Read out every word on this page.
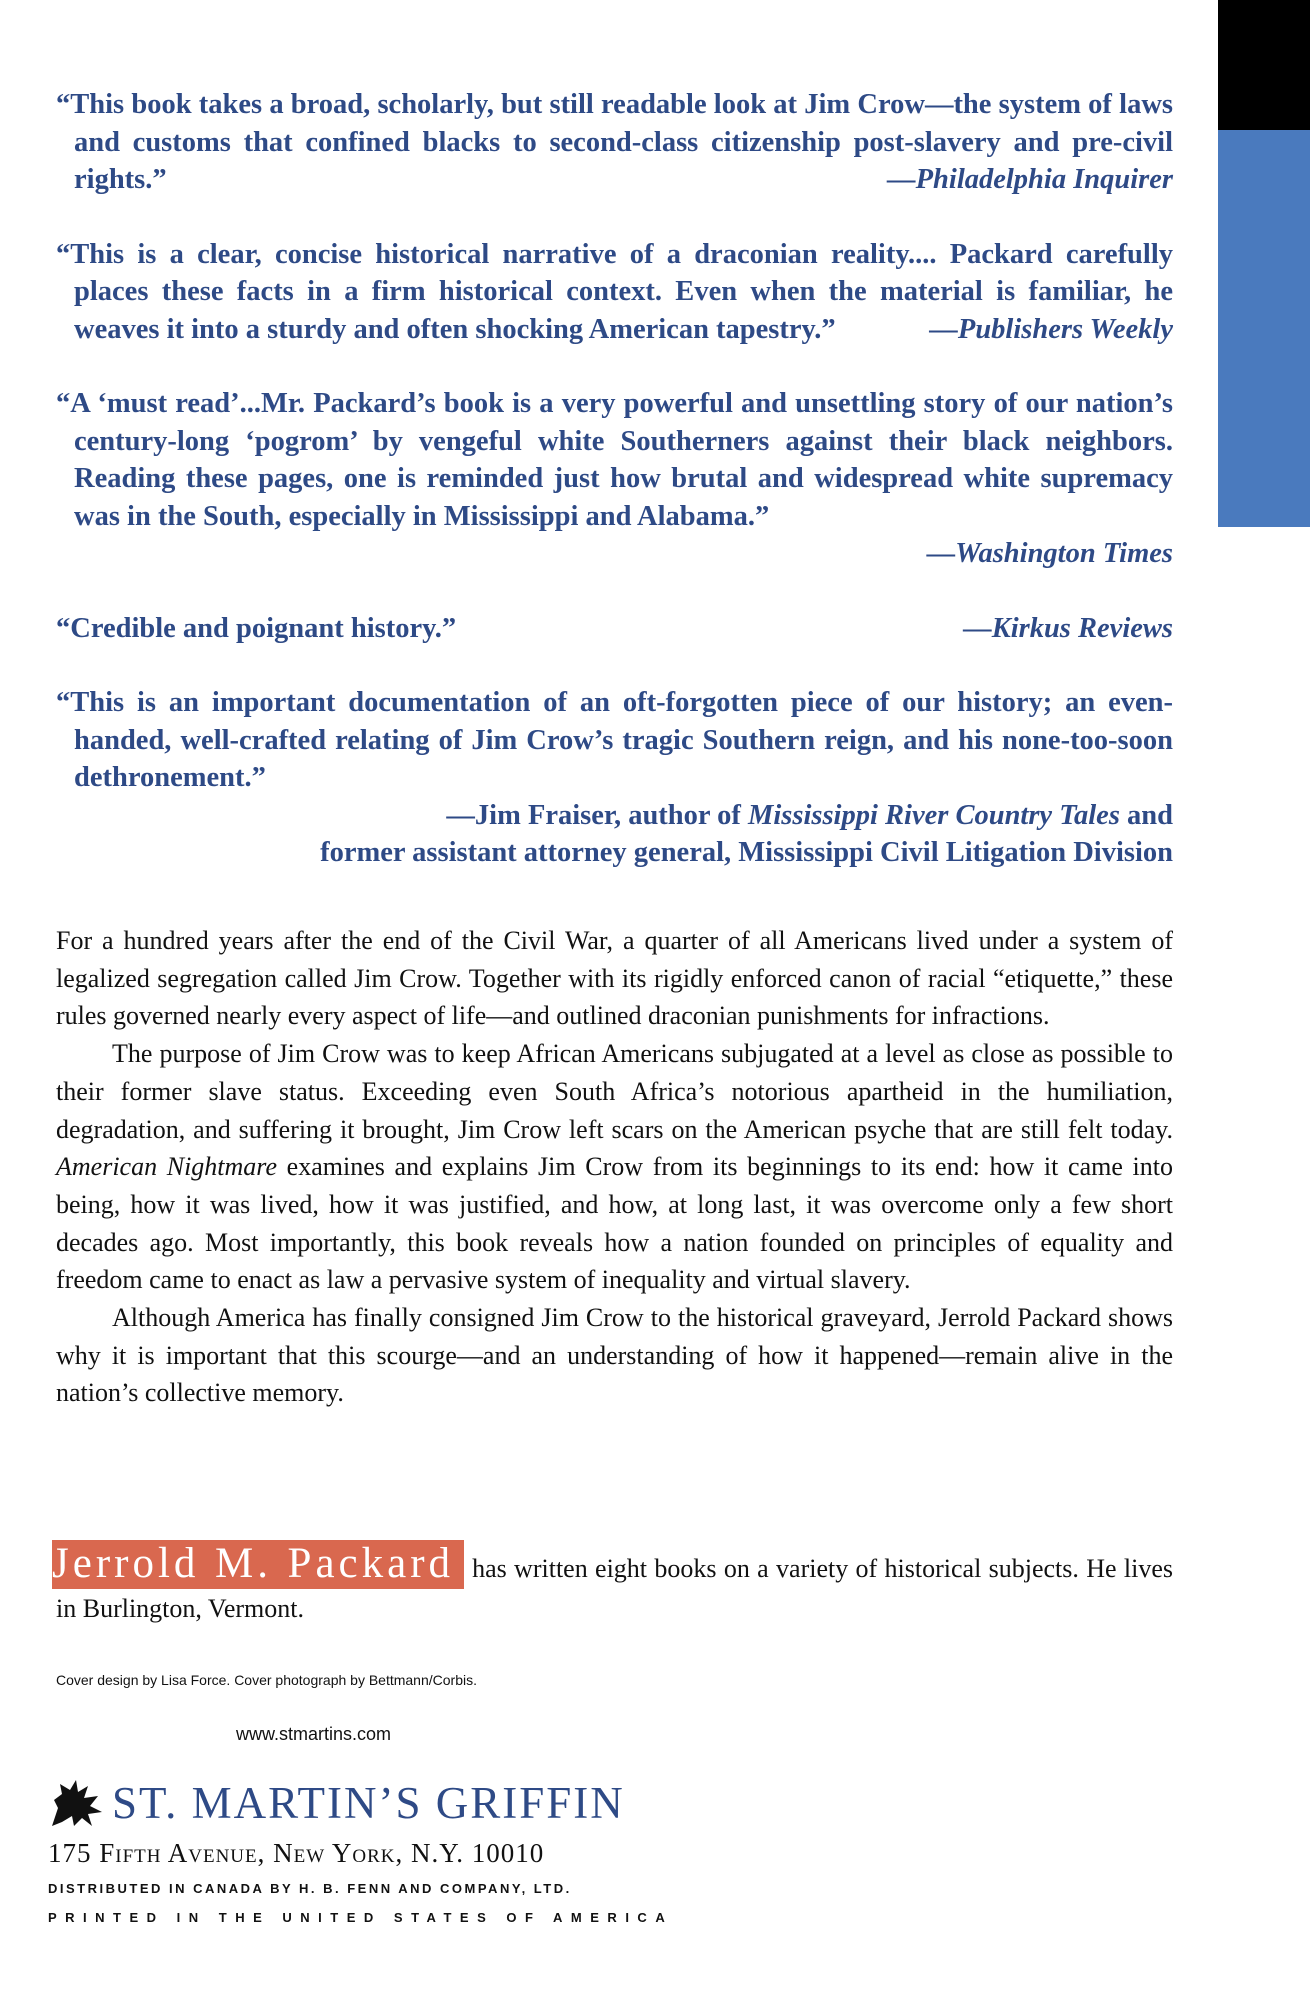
“This book takes a broad, scholarly, but still readable look at Jim Crow—the system of laws and customs that confined blacks to second-class citizenship post-slavery and pre-civil rights.”	—Philadelphia Inquirer
“This is a clear, concise historical narrative of a draconian reality.... Packard carefully places these facts in a firm historical context. Even when the material is familiar, he weaves it into a sturdy and often shocking American tapestry.”	—Publishers Weekly
“A ‘must read’...Mr. Packard’s book is a very powerful and unsettling story of our nation’s century-long ‘pogrom’ by vengeful white Southerners against their black neighbors. Reading these pages, one is reminded just how brutal and widespread white supremacy was in the South, especially in Mississippi and Alabama.”
—Washington Times
“Credible and poignant history.”	—Kirkus Reviews
“This is an important documentation of an oft-forgotten piece of our history; an even-handed, well-crafted relating of Jim Crow’s tragic Southern reign, and his none-too-soon dethronement.”
—Jim Fraiser, author of Mississippi River Country Tales and
former assistant attorney general, Mississippi Civil Litigation Division

For a hundred years after the end of the Civil War, a quarter of all Americans lived under a system of legalized segregation called Jim Crow. Together with its rigidly enforced canon of racial “etiquette,” these rules governed nearly every aspect of life—and outlined draconian punishments for infractions.

The purpose of Jim Crow was to keep African Americans subjugated at a level as close as possible to their former slave status. Exceeding even South Africa’s notorious apartheid in the humiliation, degradation, and suffering it brought, Jim Crow left scars on the American psyche that are still felt today. American Nightmare examines and explains Jim Crow from its beginnings to its end: how it came into being, how it was lived, how it was justified, and how, at long last, it was overcome only a few short decades ago. Most importantly, this book reveals how a nation founded on principles of equality and freedom came to enact as law a pervasive system of inequality and virtual slavery.

Although America has finally consigned Jim Crow to the historical graveyard, Jerrold Packard shows why it is important that this scourge—and an understanding of how it happened—remain alive in the nation’s collective memory.

Jerrold M. Packard has written eight books on a variety of historical subjects. He lives in Burlington, Vermont.
Cover design by Lisa Force. Cover photograph by Bettmann/Corbis.
www.stmartins.com
ST. MARTIN’S GRIFFIN
175 Fifth Avenue, New York, N.Y. 10010
DISTRIBUTED IN CANADA BY H. B. FENN AND COMPANY, LTD.
PRINTED IN THE UNITED STATES OF AMERICA
